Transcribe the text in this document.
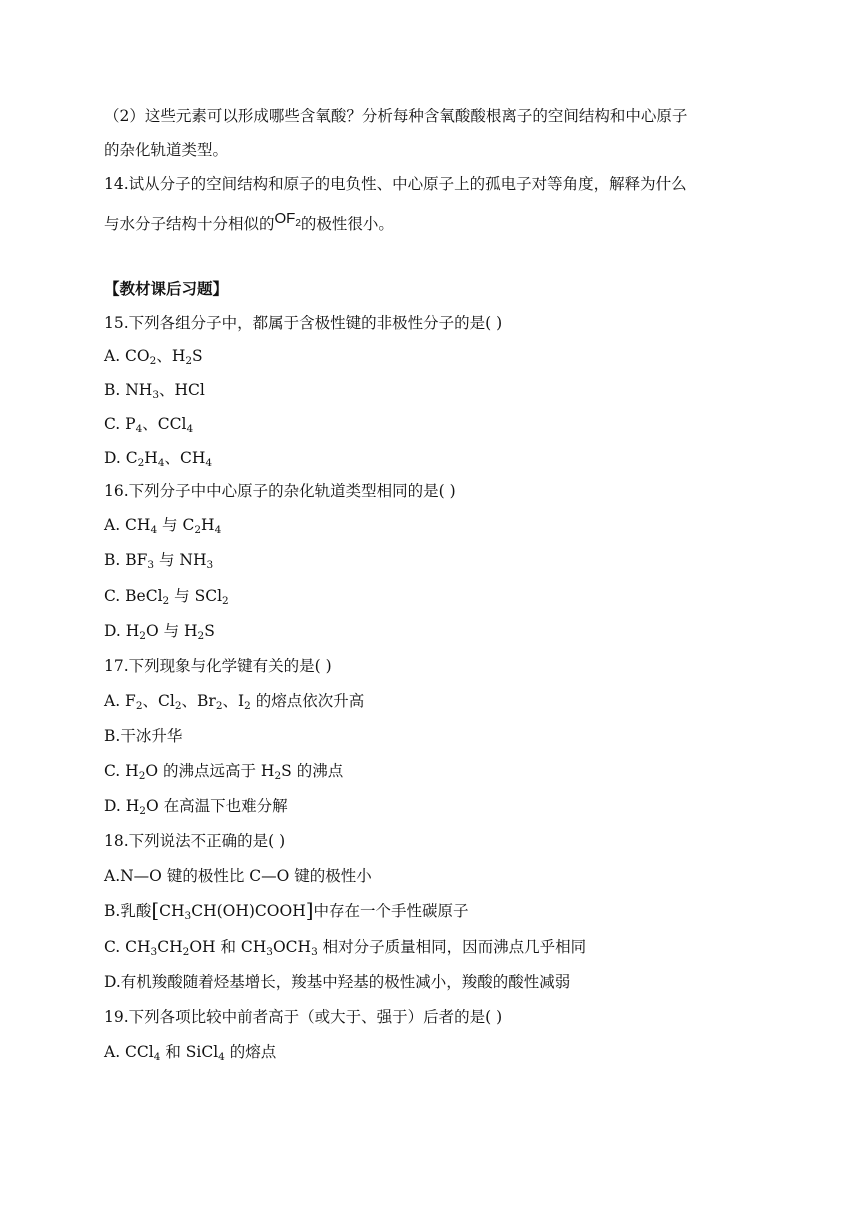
（2）这些元素可以形成哪些含氧酸？分析每种含氧酸酸根离子的空间结构和中心原子
的杂化轨道类型。
14.试从分子的空间结构和原子的电负性、中心原子上的孤电子对等角度，解释为什么
与水分子结构十分相似的$OF_2$的极性很小。
【教材课后习题】
15.下列各组分子中，都属于含极性键的非极性分子的是( )
A. $CO_2$、$H_2S$
B. $NH_3$、HCl
C. $P_4$、CCl$_4$
D. $C_2H_4$、$CH_4$
16.下列分子中中心原子的杂化轨道类型相同的是( )
A. $CH_4$ 与 $C_2H_4$
B. $BF_3$ 与 $NH_3$
C. BeCl$_2$ 与 SCl$_2$
D. $H_2O$ 与 $H_2S$
17.下列现象与化学键有关的是( )
A. $F_2$、$Cl_2$、$Br_2$、$I_2$ 的熔点依次升高
B.干冰升华
C. $H_2O$ 的沸点远高于 $H_2S$ 的沸点
D. $H_2O$ 在高温下也难分解
18.下列说法不正确的是( )
A.N—O 键的极性比 C—O 键的极性小
B.乳酸$[CH_3CH(OH)COOH]$中存在一个手性碳原子
C. $CH_3CH_2OH$ 和 $CH_3OCH_3$ 相对分子质量相同，因而沸点几乎相同
D.有机羧酸随着烃基增长，羧基中羟基的极性减小，羧酸的酸性减弱
19.下列各项比较中前者高于（或大于、强于）后者的是( )
A. CCl$_4$ 和 SiCl$_4$ 的熔点
